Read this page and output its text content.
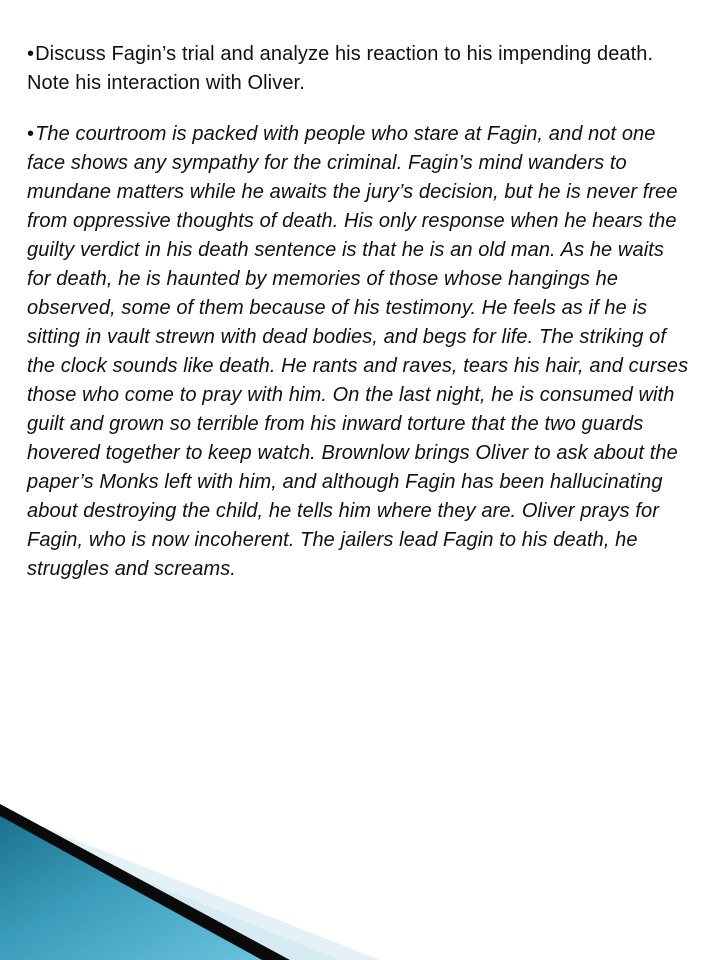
•Discuss Fagin’s trial and analyze his reaction to his impending death. Note his interaction with Oliver.

•The courtroom is packed with people who stare at Fagin, and not one face shows any sympathy for the criminal. Fagin’s mind wanders to mundane matters while he awaits the jury’s decision, but he is never free from oppressive thoughts of death. His only response when he hears the guilty verdict in his death sentence is that he is an old man. As he waits for death, he is haunted by memories of those whose hangings he observed, some of them because of his testimony. He feels as if he is sitting in vault strewn with dead bodies, and begs for life. The striking of the clock sounds like death. He rants and raves, tears his hair, and curses those who come to pray with him. On the last night, he is consumed with guilt and grown so terrible from his inward torture that the two guards hovered together to keep watch. Brownlow brings Oliver to ask about the paper’s Monks left with him, and although Fagin has been hallucinating about destroying the child, he tells him where they are. Oliver prays for Fagin, who is now incoherent. The jailers lead Fagin to his death, he struggles and screams.
